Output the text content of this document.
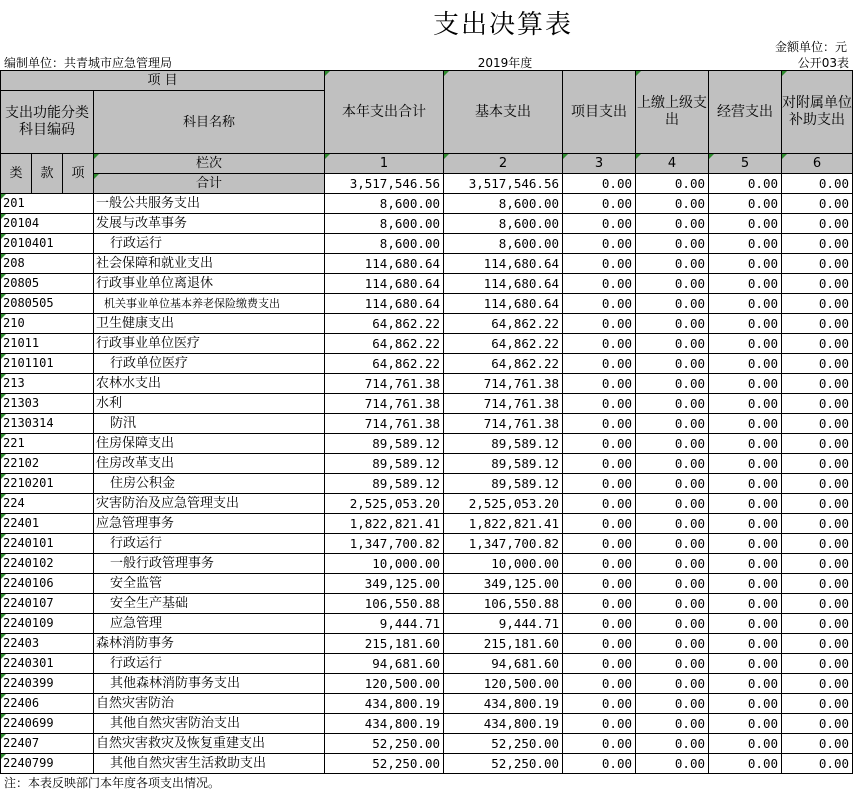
支出决算表
金额单位：元
编制单位：共青城市应急管理局	2019年度	公开03表
项 目				本年支出合计	基本支出	项目支出	上缴上级支出	经营支出	对附属单位补助支出
支出功能分类科目编码			科目名称						

类	款	项	栏次	1	2	3	4	5	6
			合计	3,517,546.56	3,517,546.56	0.00	0.00	0.00	0.00
201			一般公共服务支出	8,600.00	8,600.00	0.00	0.00	0.00	0.00
20104			发展与改革事务	8,600.00	8,600.00	0.00	0.00	0.00	0.00
2010401			行政运行	8,600.00	8,600.00	0.00	0.00	0.00	0.00
208			社会保障和就业支出	114,680.64	114,680.64	0.00	0.00	0.00	0.00
20805			行政事业单位离退休	114,680.64	114,680.64	0.00	0.00	0.00	0.00
2080505			机关事业单位基本养老保险缴费支出	114,680.64	114,680.64	0.00	0.00	0.00	0.00
210			卫生健康支出	64,862.22	64,862.22	0.00	0.00	0.00	0.00
21011			行政事业单位医疗	64,862.22	64,862.22	0.00	0.00	0.00	0.00
2101101			行政单位医疗	64,862.22	64,862.22	0.00	0.00	0.00	0.00
213			农林水支出	714,761.38	714,761.38	0.00	0.00	0.00	0.00
21303			水利	714,761.38	714,761.38	0.00	0.00	0.00	0.00
2130314			防汛	714,761.38	714,761.38	0.00	0.00	0.00	0.00
221			住房保障支出	89,589.12	89,589.12	0.00	0.00	0.00	0.00
22102			住房改革支出	89,589.12	89,589.12	0.00	0.00	0.00	0.00
2210201			住房公积金	89,589.12	89,589.12	0.00	0.00	0.00	0.00
224			灾害防治及应急管理支出	2,525,053.20	2,525,053.20	0.00	0.00	0.00	0.00
22401			应急管理事务	1,822,821.41	1,822,821.41	0.00	0.00	0.00	0.00
2240101			行政运行	1,347,700.82	1,347,700.82	0.00	0.00	0.00	0.00
2240102			一般行政管理事务	10,000.00	10,000.00	0.00	0.00	0.00	0.00
2240106			安全监管	349,125.00	349,125.00	0.00	0.00	0.00	0.00
2240107			安全生产基础	106,550.88	106,550.88	0.00	0.00	0.00	0.00
2240109			应急管理	9,444.71	9,444.71	0.00	0.00	0.00	0.00
22403			森林消防事务	215,181.60	215,181.60	0.00	0.00	0.00	0.00
2240301			行政运行	94,681.60	94,681.60	0.00	0.00	0.00	0.00
2240399			其他森林消防事务支出	120,500.00	120,500.00	0.00	0.00	0.00	0.00
22406			自然灾害防治	434,800.19	434,800.19	0.00	0.00	0.00	0.00
2240699			其他自然灾害防治支出	434,800.19	434,800.19	0.00	0.00	0.00	0.00
22407			自然灾害救灾及恢复重建支出	52,250.00	52,250.00	0.00	0.00	0.00	0.00
2240799			其他自然灾害生活救助支出	52,250.00	52,250.00	0.00	0.00	0.00	0.00
注：本表反映部门本年度各项支出情况。
